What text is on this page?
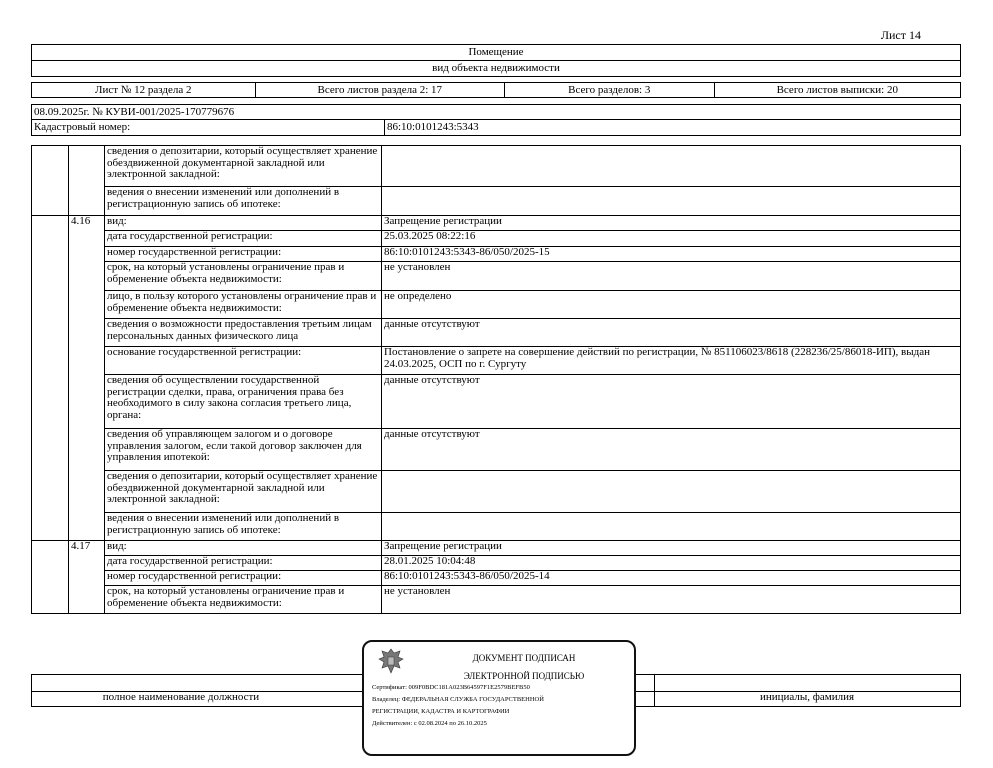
Лист 14
Помещение
вид объекта недвижимости
Лист № 12 раздела 2	Всего листов раздела 2: 17	Всего разделов: 3	Всего листов выписки: 20
08.09.2025г. № КУВИ-001/2025-170779676
Кадастровый номер:	86:10:0101243:5343
		сведения о депозитарии, который осуществляет хранение обездвиженной документарной закладной или электронной закладной:	
		ведения о внесении изменений или дополнений в регистрационную запись об ипотеке:	
	4.16	вид:	Запрещение регистрации
		дата государственной регистрации:	25.03.2025 08:22:16
		номер государственной регистрации:	86:10:0101243:5343-86/050/2025-15
		срок, на который установлены ограничение прав и обременение объекта недвижимости:	не установлен
		лицо, в пользу которого установлены ограничение прав и обременение объекта недвижимости:	не определено
		сведения о возможности предоставления третьим лицам персональных данных физического лица	данные отсутствуют
		основание государственной регистрации:	Постановление о запрете на совершение действий по регистрации, № 851106023/8618 (228236/25/86018-ИП), выдан 24.03.2025, ОСП по г. Сургуту
		сведения об осуществлении государственной регистрации сделки, права, ограничения права без необходимого в силу закона согласия третьего лица, органа:	данные отсутствуют
		сведения об управляющем залогом и о договоре управления залогом, если такой договор заключен для управления ипотекой:	данные отсутствуют
		сведения о депозитарии, который осуществляет хранение обездвиженной документарной закладной или электронной закладной:	
		ведения о внесении изменений или дополнений в регистрационную запись об ипотеке:	
	4.17	вид:	Запрещение регистрации
		дата государственной регистрации:	28.01.2025 10:04:48
		номер государственной регистрации:	86:10:0101243:5343-86/050/2025-14
		срок, на который установлены ограничение прав и обременение объекта недвижимости:	не установлен
полное наименование должности	инициалы, фамилия
ДОКУМЕНТ ПОДПИСАН
ЭЛЕКТРОННОЙ ПОДПИСЬЮ
Сертификат: 009F0BDC181A023B64597F1E2579BEFB50
Владелец: ФЕДЕРАЛЬНАЯ СЛУЖБА ГОСУДАРСТВЕННОЙ
РЕГИСТРАЦИИ, КАДАСТРА И КАРТОГРАФИИ
Действителен: с 02.08.2024 по 26.10.2025
